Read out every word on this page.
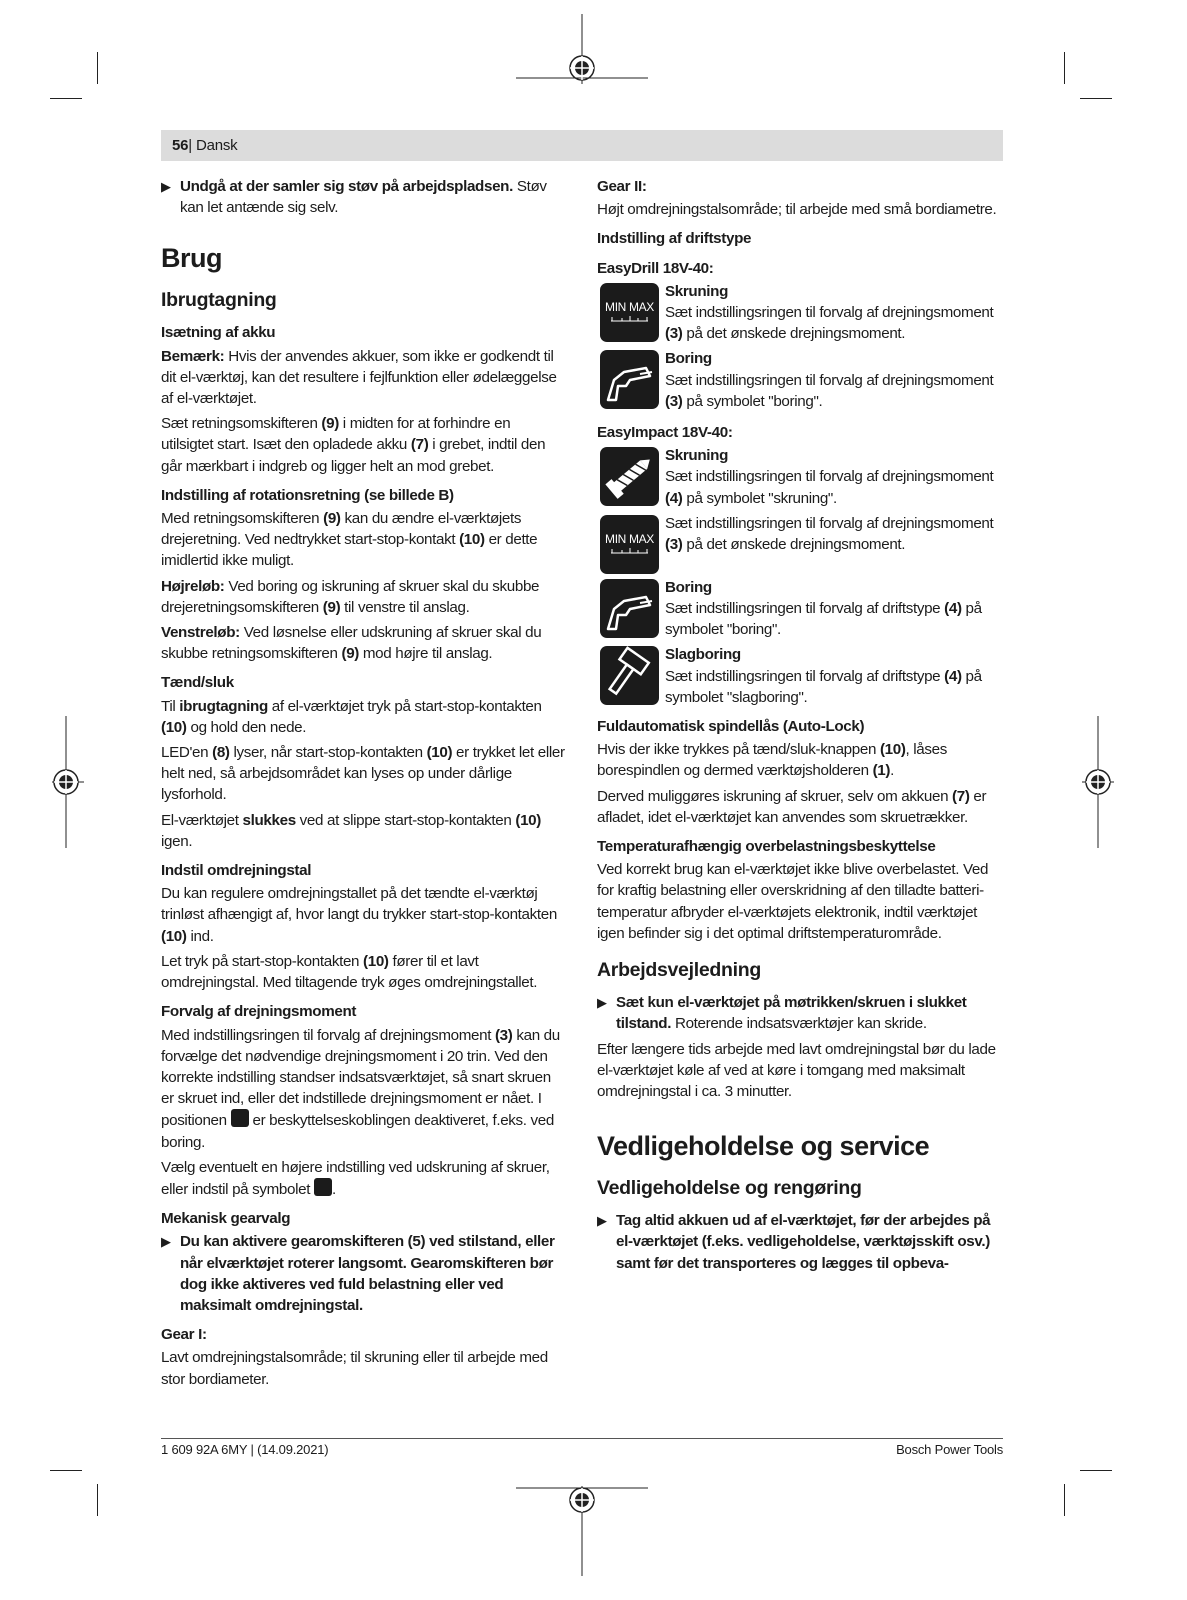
56| Dansk
▶ Undgå at der samler sig støv på arbejdspladsen. Støv kan let antænde sig selv.
Brug
Ibrugtagning
Isætning af akku

Bemærk: Hvis der anvendes akkuer, som ikke er godkendt til dit el-værktøj, kan det resultere i fejlfunktion eller ødelæggelse af el-værktøjet.

Sæt retningsomskifteren (9) i midten for at forhindre en utilsigtet start. Isæt den opladede akku (7) i grebet, indtil den går mærkbart i indgreb og ligger helt an mod grebet.

Indstilling af rotationsretning (se billede B)

Med retningsomskifteren (9) kan du ændre el-værktøjets drejeretning. Ved nedtrykket start-stop-kontakt (10) er dette imidlertid ikke muligt.

Højreløb: Ved boring og iskruning af skruer skal du skubbe drejeretningsomskifteren (9) til venstre til anslag.

Venstreløb: Ved løsnelse eller udskruning af skruer skal du skubbe retningsomskifteren (9) mod højre til anslag.

Tænd/sluk

Til ibrugtagning af el-værktøjet tryk på start-stop-kontakten (10) og hold den nede.

LED'en (8) lyser, når start-stop-kontakten (10) er trykket let eller helt ned, så arbejdsområdet kan lyses op under dårlige lysforhold.

El-værktøjet slukkes ved at slippe start-stop-kontakten (10) igen.

Indstil omdrejningstal

Du kan regulere omdrejningstallet på det tændte el-værktøj trinløst afhængigt af, hvor langt du trykker start-stop-kontakten (10) ind.

Let tryk på start-stop-kontakten (10) fører til et lavt omdrejningstal. Med tiltagende tryk øges omdrejningstallet.

Forvalg af drejningsmoment

Med indstillingsringen til forvalg af drejningsmoment (3) kan du forvælge det nødvendige drejningsmoment i 20 trin. Ved den korrekte indstilling standser indsatsværktøjet, så snart skruen er skruet ind, eller det indstillede drejningsmoment er nået. I positionen  er beskyttelseskoblingen deaktiveret, f.eks. ved boring.

Vælg eventuelt en højere indstilling ved udskruning af skruer, eller indstil på symbolet .

Mekanisk gearvalg
▶ Du kan aktivere gearomskifteren (5) ved stilstand, eller når elværktøjet roterer langsomt. Gearomskifteren bør dog ikke aktiveres ved fuld belastning eller ved maksimalt omdrejningstal.
Gear I:

Lavt omdrejningstalsområde; til skruning eller til arbejde med stor bordiameter.

Gear II:

Højt omdrejningstalsområde; til arbejde med små bordiametre.

Indstilling af driftstype
EasyDrill 18V-40:
MIN MAX
Skruning
Sæt indstillingsringen til forvalg af drejningsmoment (3) på det ønskede drejningsmoment.
Boring
Sæt indstillingsringen til forvalg af drejningsmoment (3) på symbolet "boring".
EasyImpact 18V-40:
Skruning
Sæt indstillingsringen til forvalg af drejningsmoment (4) på symbolet "skruning".
MIN MAX
Sæt indstillingsringen til forvalg af drejningsmoment (3) på det ønskede drejningsmoment.
Boring
Sæt indstillingsringen til forvalg af driftstype (4) på symbolet "boring".
Slagboring
Sæt indstillingsringen til forvalg af driftstype (4) på symbolet "slagboring".
Fuldautomatisk spindellås (Auto-Lock)

Hvis der ikke trykkes på tænd/sluk-knappen (10), låses borespindlen og dermed værktøjsholderen (1).

Derved muliggøres iskruning af skruer, selv om akkuen (7) er afladet, idet el-værktøjet kan anvendes som skruetrækker.

Temperaturafhængig overbelastningsbeskyttelse

Ved korrekt brug kan el-værktøjet ikke blive overbelastet. Ved for kraftig belastning eller overskridning af den tilladte batteri-temperatur afbryder el-værktøjets elektronik, indtil værktøjet igen befinder sig i det optimal driftstemperaturområde.

Arbejdsvejledning
▶ Sæt kun el-værktøjet på møtrikken/skruen i slukket tilstand. Roterende indsatsværktøjer kan skride.

Efter længere tids arbejde med lavt omdrejningstal bør du lade el-værktøjet køle af ved at køre i tomgang med maksimalt omdrejningstal i ca. 3 minutter.

Vedligeholdelse og service
Vedligeholdelse og rengøring
▶ Tag altid akkuen ud af el-værktøjet, før der arbejdes på el-værktøjet (f.eks. vedligeholdelse, værktøjsskift osv.) samt før det transporteres og lægges til opbeva-
1 609 92A 6MY | (14.09.2021)	Bosch Power Tools
